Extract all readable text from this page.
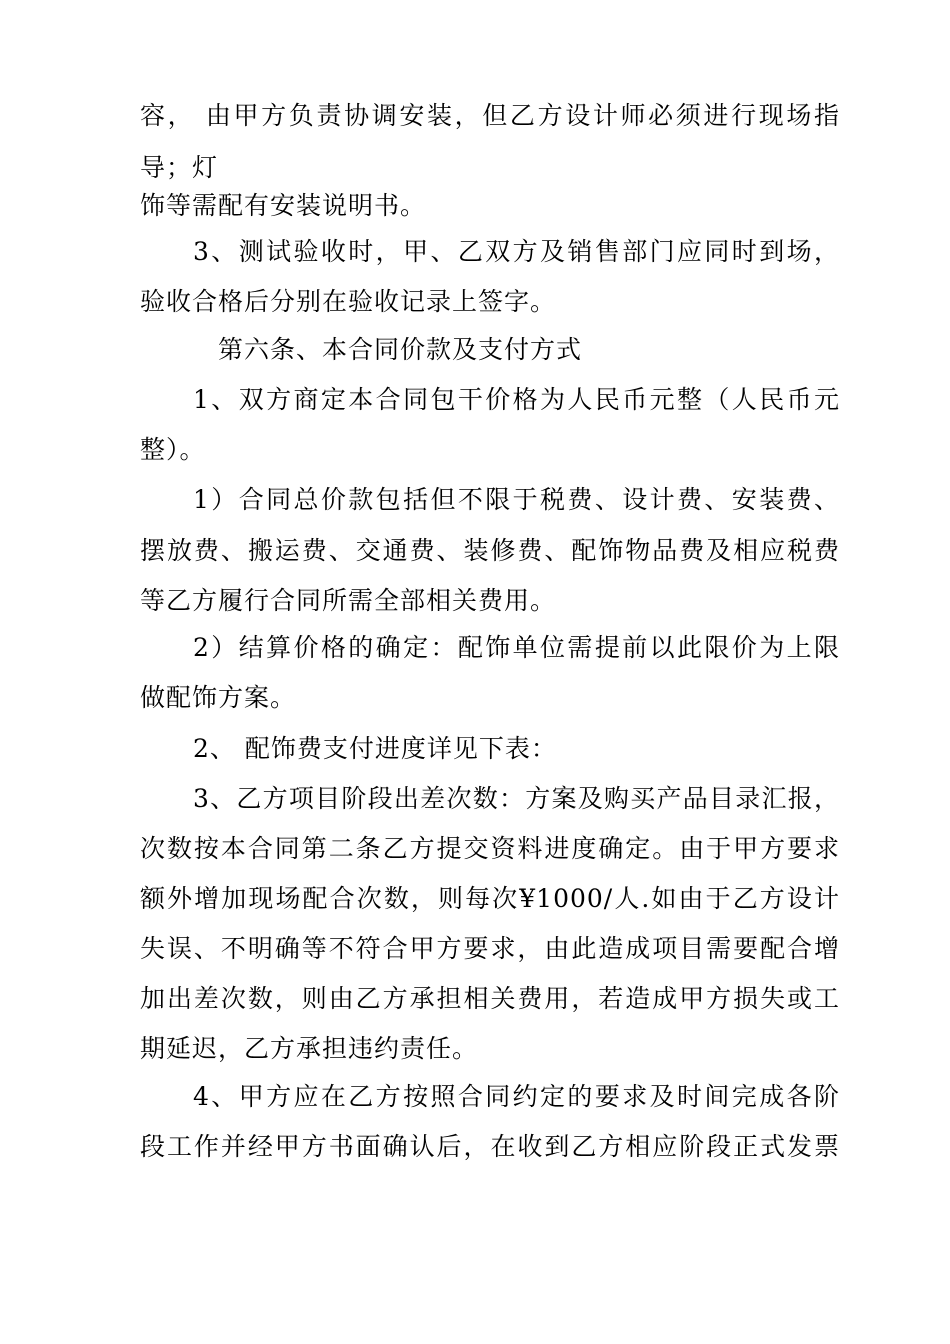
容， 由甲方负责协调安装，但乙方设计师必须进行现场指
导；灯
饰等需配有安装说明书。
3、测试验收时，甲、乙双方及销售部门应同时到场，
验收合格后分别在验收记录上签字。
第六条、本合同价款及支付方式
1、双方商定本合同包干价格为人民币元整（人民币元
整）。
1）合同总价款包括但不限于税费、设计费、安装费、
摆放费、搬运费、交通费、装修费、配饰物品费及相应税费
等乙方履行合同所需全部相关费用。
2）结算价格的确定：配饰单位需提前以此限价为上限
做配饰方案。
2、 配饰费支付进度详见下表：
3、乙方项目阶段出差次数：方案及购买产品目录汇报，
次数按本合同第二条乙方提交资料进度确定。由于甲方要求
额外增加现场配合次数，则每次¥1000/人.如由于乙方设计
失误、不明确等不符合甲方要求，由此造成项目需要配合增
加出差次数，则由乙方承担相关费用，若造成甲方损失或工
期延迟，乙方承担违约责任。
4、甲方应在乙方按照合同约定的要求及时间完成各阶
段工作并经甲方书面确认后，在收到乙方相应阶段正式发票
